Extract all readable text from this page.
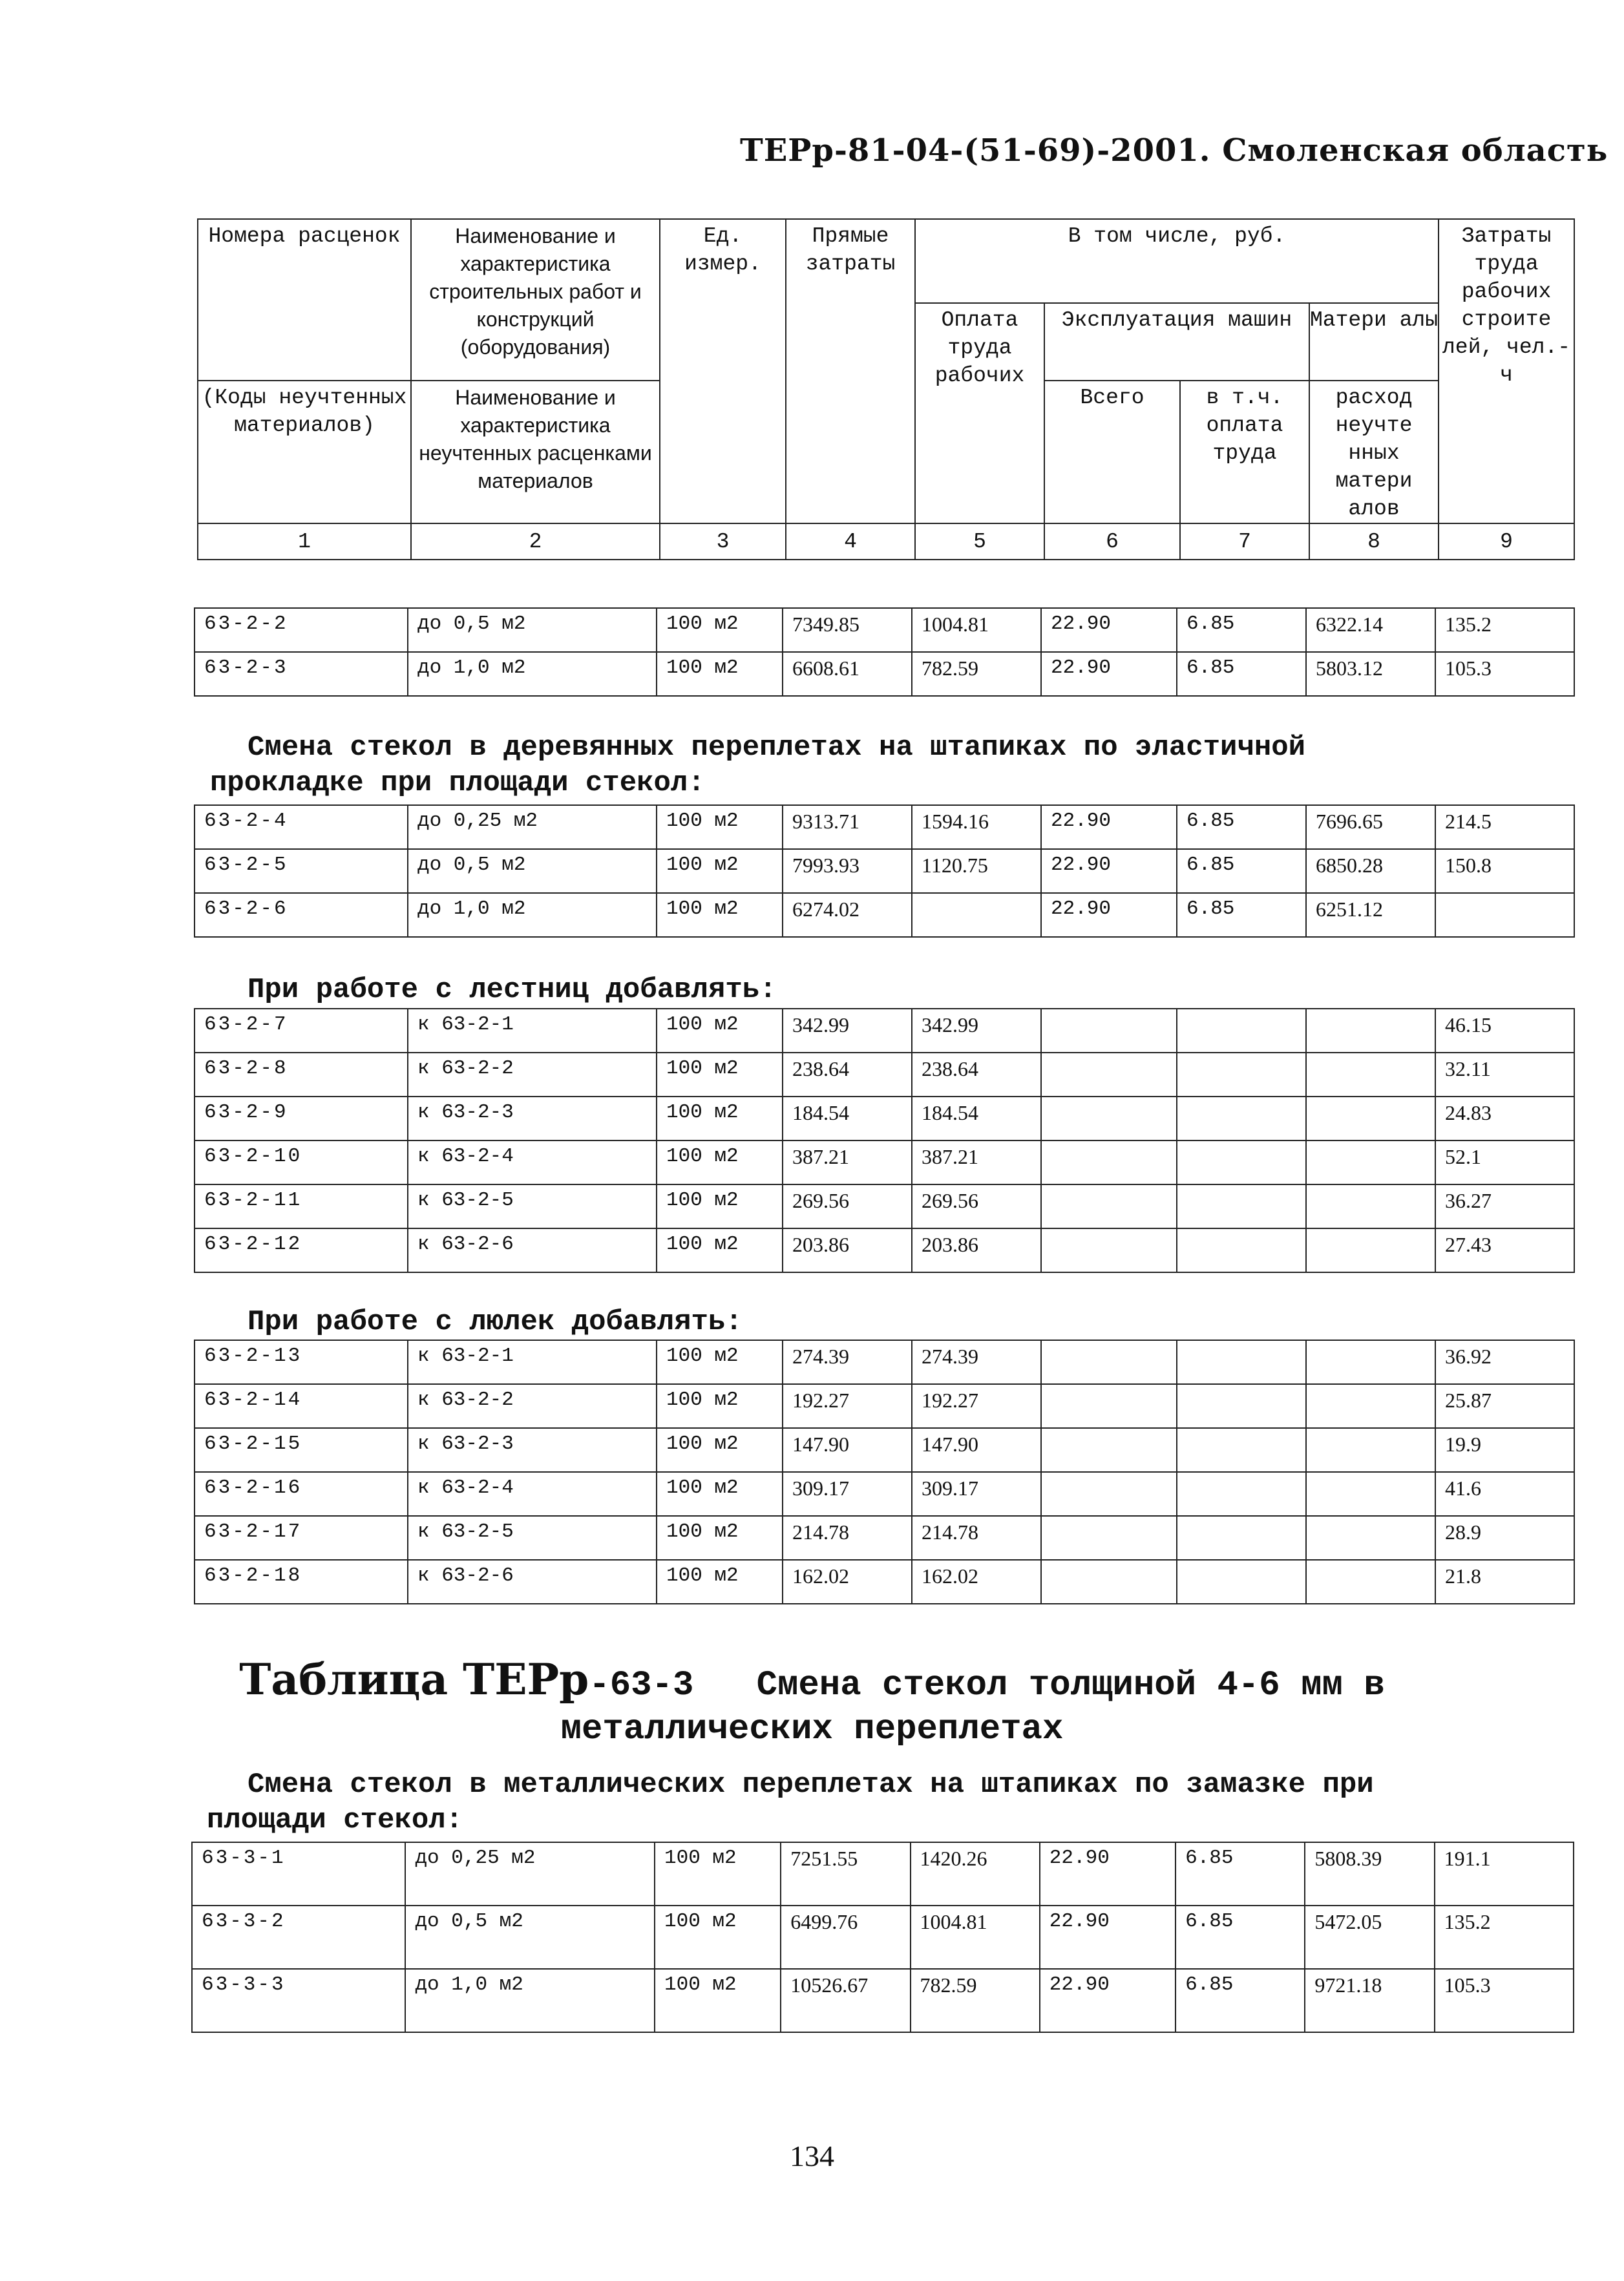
ТЕРр-81-04-(51-69)-2001. Смоленская область
Номера расценок	Наименование и характеристика строительных работ и конструкций (оборудования)	Ед. измер.	Прямые затраты	В том числе, руб.				Затраты труда рабочих строите лей, чел.-ч
				Оплата труда рабочих	Эксплуатация машин		Матери алы	
(Коды неучтенных материалов)	Наименование и характеристика неучтенных расценками материалов				Всего	в т.ч. оплата труда	расход неучте нных матери алов	
1	2	3	4	5	6	7	8	9
63-2-2	до 0,5 м2	100 м2	7349.85	1004.81	22.90	6.85	6322.14	135.2
63-2-3	до 1,0 м2	100 м2	6608.61	782.59	22.90	6.85	5803.12	105.3
Смена стекол в деревянных переплетах на штапиках по эластичной
прокладке при площади стекол:
63-2-4	до 0,25 м2	100 м2	9313.71	1594.16	22.90	6.85	7696.65	214.5
63-2-5	до 0,5 м2	100 м2	7993.93	1120.75	22.90	6.85	6850.28	150.8
63-2-6	до 1,0 м2	100 м2	6274.02		22.90	6.85	6251.12	
При работе с лестниц добавлять:
63-2-7	к 63-2-1	100 м2	342.99	342.99				46.15
63-2-8	к 63-2-2	100 м2	238.64	238.64				32.11
63-2-9	к 63-2-3	100 м2	184.54	184.54				24.83
63-2-10	к 63-2-4	100 м2	387.21	387.21				52.1
63-2-11	к 63-2-5	100 м2	269.56	269.56				36.27
63-2-12	к 63-2-6	100 м2	203.86	203.86				27.43
При работе с люлек добавлять:
63-2-13	к 63-2-1	100 м2	274.39	274.39				36.92
63-2-14	к 63-2-2	100 м2	192.27	192.27				25.87
63-2-15	к 63-2-3	100 м2	147.90	147.90				19.9
63-2-16	к 63-2-4	100 м2	309.17	309.17				41.6
63-2-17	к 63-2-5	100 м2	214.78	214.78				28.9
63-2-18	к 63-2-6	100 м2	162.02	162.02				21.8
Таблица ТЕРр-63-3 Смена стекол толщиной 4-6 мм в
металлических переплетах
Смена стекол в металлических переплетах на штапиках по замазке при
площади стекол:
63-3-1	до 0,25 м2	100 м2	7251.55	1420.26	22.90	6.85	5808.39	191.1
63-3-2	до 0,5 м2	100 м2	6499.76	1004.81	22.90	6.85	5472.05	135.2
63-3-3	до 1,0 м2	100 м2	10526.67	782.59	22.90	6.85	9721.18	105.3
134
